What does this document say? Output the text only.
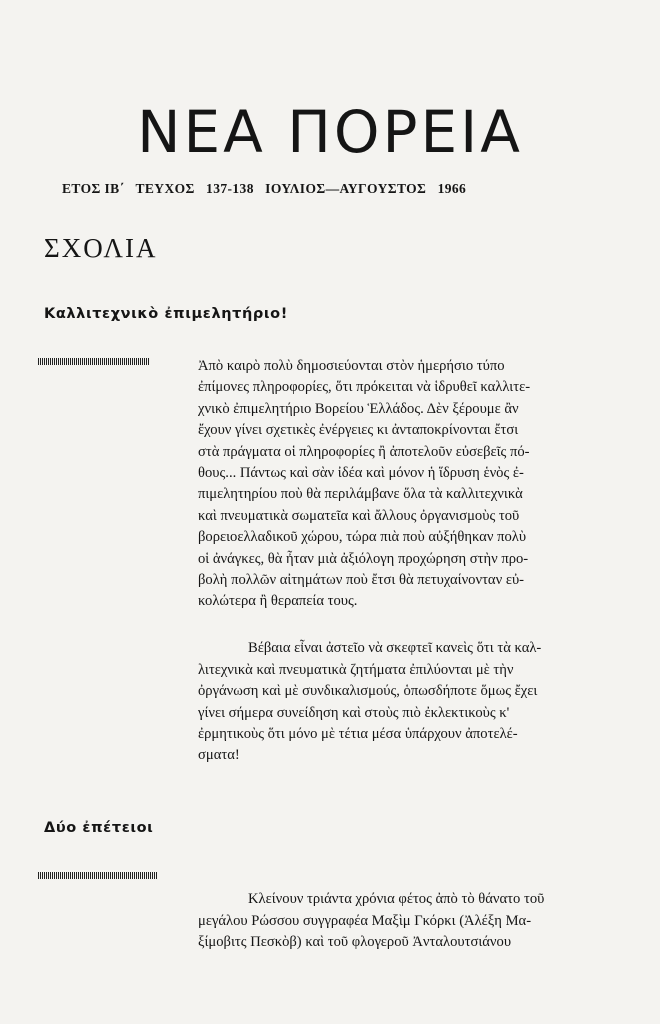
ΝΕΑ ΠΟΡΕΙΑ
ΕΤΟΣ ΙΒ΄   ΤΕΥΧΟΣ   137-138   ΙΟΥΛΙΟΣ—ΑΥΓΟΥΣΤΟΣ   1966
ΣΧΟΛΙΑ
Καλλιτεχνικὸ ἐπιμελητήριο!
Ἀπὸ καιρὸ πολὺ δημοσιεύονται στὸν ἡμερήσιο τύπο
ἐπίμονες πληροφορίες, ὅτι πρόκειται νὰ ἱδρυθεῖ καλλιτε-
χνικὸ ἐπιμελητήριο Βορείου Ἑλλάδος. Δὲν ξέρουμε ἂν
ἔχουν γίνει σχετικὲς ἐνέργειες κι ἀνταποκρίνονται ἔτσι
στὰ πράγματα οἱ πληροφορίες ἢ ἀποτελοῦν εὐσεβεῖς πό-
θους... Πάντως καὶ σὰν ἰδέα καὶ μόνον ἡ ἵδρυση ἑνὸς ἐ-
πιμελητηρίου ποὺ θὰ περιλάμβανε ὅλα τὰ καλλιτεχνικὰ
καὶ πνευματικὰ σωματεῖα καὶ ἄλλους ὀργανισμοὺς τοῦ
βορειοελλαδικοῦ χώρου, τώρα πιὰ ποὺ αὐξήθηκαν πολὺ
οἱ ἀνάγκες, θὰ ἦταν μιὰ ἀξιόλογη προχώρηση στὴν προ-
βολὴ πολλῶν αἰτημάτων ποὺ ἔτσι θὰ πετυχαίνονταν εὐ-
κολώτερα ἢ θεραπεία τους.

Βέβαια εἶναι ἀστεῖο νὰ σκεφτεῖ κανεὶς ὅτι τὰ καλ-
λιτεχνικὰ καὶ πνευματικὰ ζητήματα ἐπιλύονται μὲ τὴν
ὀργάνωση καὶ μὲ συνδικαλισμούς, ὁπωσδήποτε ὅμως ἔχει
γίνει σήμερα συνείδηση καὶ στοὺς πιὸ ἐκλεκτικοὺς κ'
ἐρμητικοὺς ὅτι μόνο μὲ τέτια μέσα ὑπάρχουν ἀποτελέ-
σματα!

Δύο ἐπέτειοι

Κλείνουν τριάντα χρόνια φέτος ἀπὸ τὸ θάνατο τοῦ
μεγάλου Ρώσσου συγγραφέα Μαξὶμ Γκόρκι (Ἀλέξη Μα-
ξίμοβιτς Πεσκὸβ) καὶ τοῦ φλογεροῦ Ἀνταλουτσιάνου
